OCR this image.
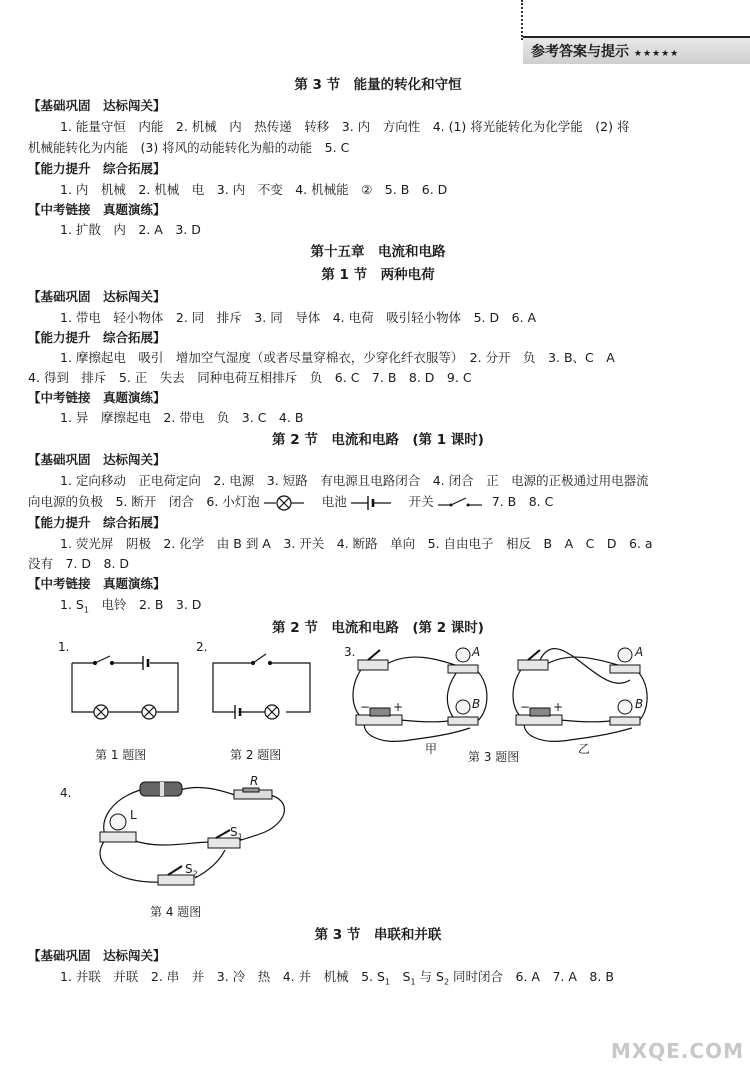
参考答案与提示 ★★★★★
第 3 节　能量的转化和守恒
【基础巩固　达标闯关】
1. 能量守恒　内能　2. 机械　内　热传递　转移　3. 内　方向性　4. (1) 将光能转化为化学能　(2) 将
机械能转化为内能　(3) 将风的动能转化为船的动能　5. C
【能力提升　综合拓展】
1. 内　机械　2. 机械　电　3. 内　不变　4. 机械能　②　5. B　6. D
【中考链接　真题演练】
1. 扩散　内　2. A　3. D
第十五章　电流和电路
第 1 节　两种电荷
【基础巩固　达标闯关】
1. 带电　轻小物体　2. 同　排斥　3. 同　导体　4. 电荷　吸引轻小物体　5. D　6. A
【能力提升　综合拓展】
1. 摩擦起电　吸引　增加空气湿度（或者尽量穿棉衣，少穿化纤衣服等）　2. 分开　负　3. B、C　A
4. 得到　排斥　5. 正　失去　同种电荷互相排斥　负　6. C　7. B　8. D　9. C
【中考链接　真题演练】
1. 异　摩擦起电　2. 带电　负　3. C　4. B
第 2 节　电流和电路　(第 1 课时)
【基础巩固　达标闯关】
1. 定向移动　正电荷定向　2. 电源　3. 短路　有电源且电路闭合　4. 闭合　正　电源的正极通过用电器流
向电源的负极　5. 断开　闭合　6. 小灯泡	电池	开关	7. B　8. C
【能力提升　综合拓展】
1. 荧光屏　阴极　2. 化学　由 B 到 A　3. 开关　4. 断路　单向　5. 自由电子　相反　B　A　C　D　6. a
没有　7. D　8. D
【中考链接　真题演练】
1. $S_1$　电铃　2. B　3. D
第 2 节　电流和电路　(第 2 课时)
1.	2.	3.
4.
第 1 题图	第 2 题图	第 3 题图
第 4 题图
甲	乙
A
B
A
B
− +	− +
R
L
$S_1$
$S_2$
第 3 节　串联和并联
【基础巩固　达标闯关】
1. 并联　并联　2. 串　并　3. 冷　热　4. 并　机械　5. $S_1$　$S_1$ 与 $S_2$ 同时闭合　6. A　7. A　8. B
MXQE.COM
